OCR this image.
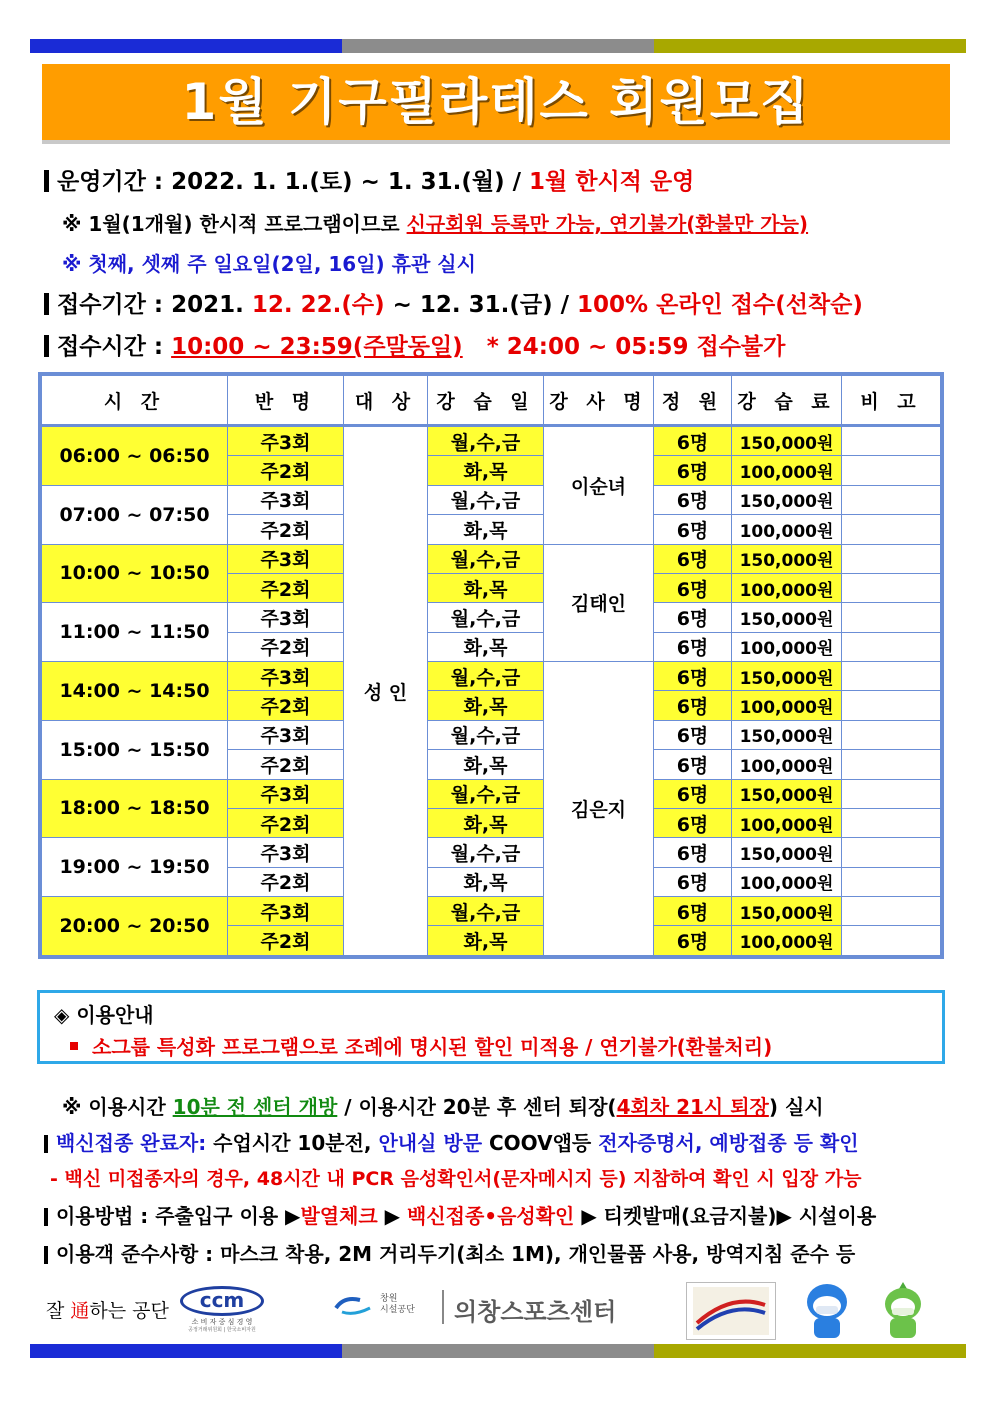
1월 기구필라테스 회원모집
운영기간 : 2022. 1. 1.(토) ~ 1. 31.(월) / 1월 한시적 운영
※ 1월(1개월) 한시적 프로그램이므로 신규회원 등록만 가능, 연기불가(환불만 가능)
※ 첫째, 셋째 주 일요일(2일, 16일) 휴관 실시
접수기간 : 2021. 12. 22.(수) ~ 12. 31.(금) / 100% 온라인 접수(선착순)
접수시간 : 10:00 ~ 23:59(주말동일) * 24:00 ~ 05:59 접수불가
시 간	반 명	대 상	강 습 일	강 사 명	정 원	강 습 료	비 고
06:00 ~ 06:50	주3회	성 인	월,수,금	이순녀	6명	150,000원	
	주2회		화,목		6명	100,000원	
07:00 ~ 07:50	주3회		월,수,금		6명	150,000원	
	주2회		화,목		6명	100,000원	
10:00 ~ 10:50	주3회		월,수,금	김태인	6명	150,000원	
	주2회		화,목		6명	100,000원	
11:00 ~ 11:50	주3회		월,수,금		6명	150,000원	
	주2회		화,목		6명	100,000원	
14:00 ~ 14:50	주3회		월,수,금	김은지	6명	150,000원	
	주2회		화,목		6명	100,000원	
15:00 ~ 15:50	주3회		월,수,금		6명	150,000원	
	주2회		화,목		6명	100,000원	
18:00 ~ 18:50	주3회		월,수,금		6명	150,000원	
	주2회		화,목		6명	100,000원	
19:00 ~ 19:50	주3회		월,수,금		6명	150,000원	
	주2회		화,목		6명	100,000원	
20:00 ~ 20:50	주3회		월,수,금		6명	150,000원	
	주2회		화,목		6명	100,000원	
◈ 이용안내
소그룹 특성화 프로그램으로 조례에 명시된 할인 미적용 / 연기불가(환불처리)
※ 이용시간 10분 전 센터 개방 / 이용시간 20분 후 센터 퇴장(4회차 21시 퇴장) 실시
백신접종 완료자: 수업시간 10분전, 안내실 방문 COOV앱등 전자증명서, 예방접종 등 확인
- 백신 미접종자의 경우, 48시간 내 PCR 음성확인서(문자메시지 등) 지참하여 확인 시 입장 가능
이용방법 : 주출입구 이용 ▶발열체크 ▶ 백신접종•음성확인 ▶ 티켓발매(요금지불)▶ 시설이용
이용객 준수사항 : 마스크 착용, 2M 거리두기(최소 1M), 개인물품 사용, 방역지침 준수 등
잘 通하는 공단	ccm
소 비 자 중 심 경 영
공정거래위원회 | 한국소비자원
창원
시설공단 의창스포츠센터
